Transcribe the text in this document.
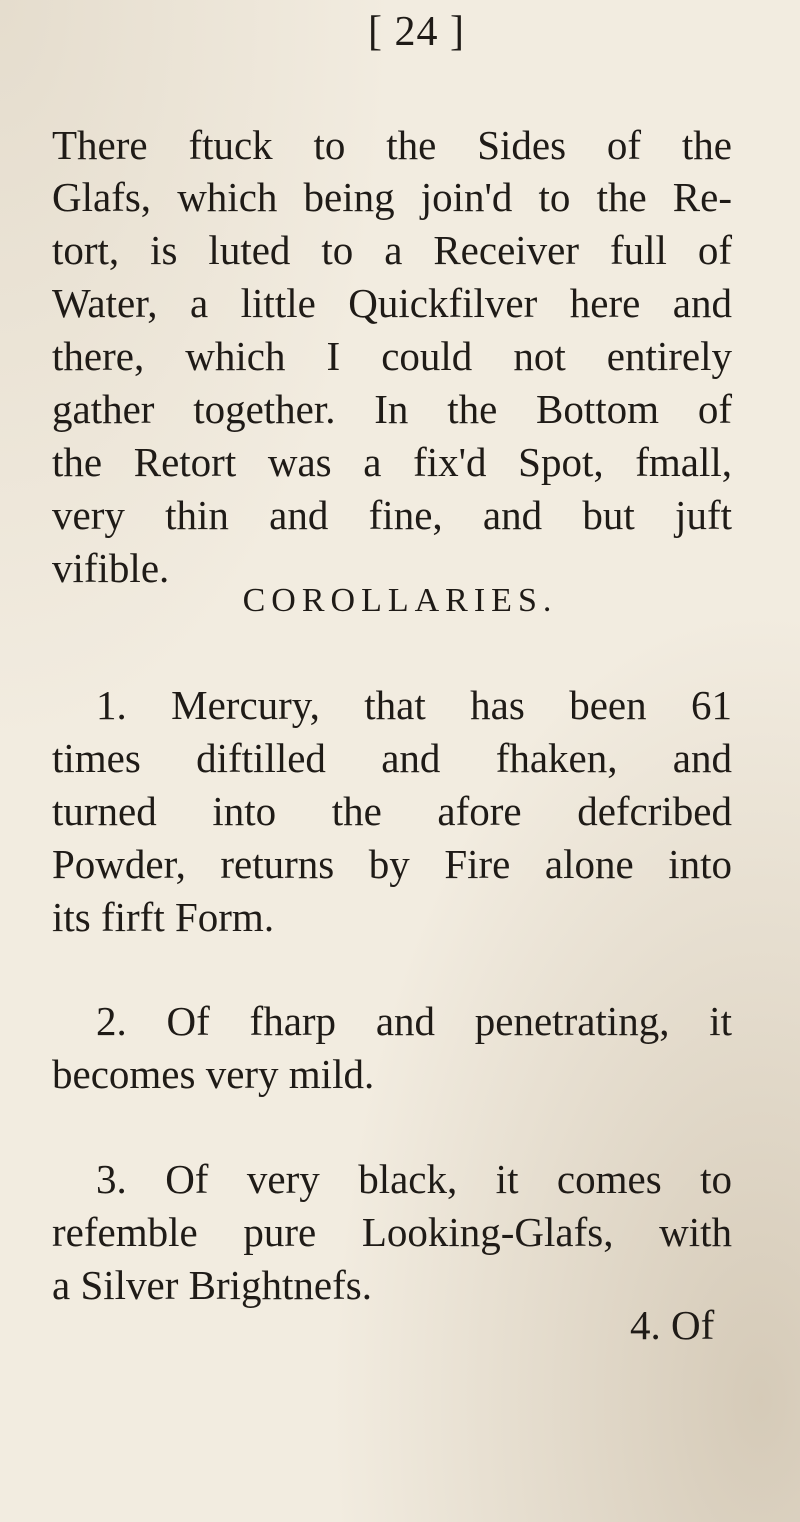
[ 24 ]
There ftuck to the Sides of the
Glafs, which being join'd to the Re-
tort, is luted to a Receiver full of
Water, a little Quickfilver here and
there, which I could not entirely
gather together. In the Bottom of
the Retort was a fix'd Spot, fmall,
very thin and fine, and but juft
vifible.
COROLLARIES.
1. Mercury, that has been 61
times diftilled and fhaken, and
turned into the afore defcribed
Powder, returns by Fire alone into
its firft Form.
2. Of fharp and penetrating, it
becomes very mild.
3. Of very black, it comes to
refemble pure Looking-Glafs, with
a Silver Brightnefs.
4. Of
